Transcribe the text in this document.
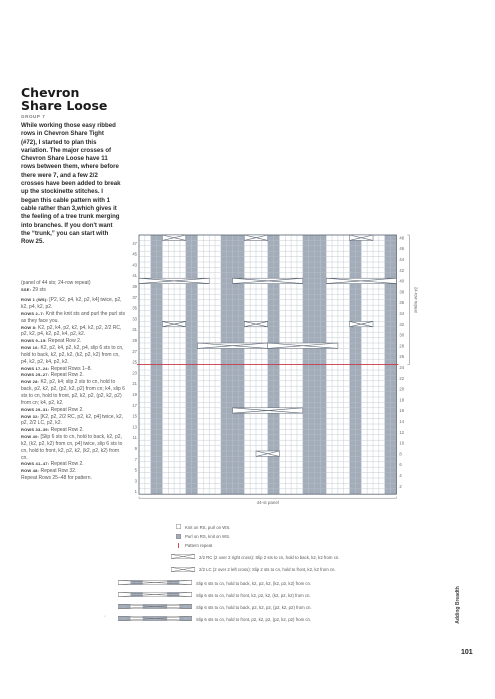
Chevron
Share Loose
GROUP 7

While working those easy ribbed rows in Chevron Share Tight (#72), I started to plan this variation. The major crosses of Chevron Share Loose have 11 rows between them, where before there were 7, and a few 2/2 crosses have been added to break up the stockinette stitches. I began this cable pattern with 1 cable rather than 3,which gives it the feeling of a tree trunk merging into branches. If you don't want the “trunk,” you can start with Row 25.

(panel of 44 sts; 24-row repeat)

SSE: 29 sts

ROW 1 (WS): [P2, k2, p4, k2, p2, k4] twice, p2, k2, p4, k2, p2.

ROWS 2–7: Knit the knit sts and purl the purl sts as they face you.

ROW 8: K2, p2, k4, p2, k2, p4, k2, p2, 2/2 RC, p2, k2, p4, k2, p2, k4, p2, k2.

ROWS 9–15: Repeat Row 2.

ROW 16: K2, p2, k4, p2, k2, p4, slip 6 sts to cn, hold to back, k2, p2, k2, (k2, p2, k2) from cn, p4, k2, p2, k4, p2, k2.

ROWS 17–24: Repeat Rows 1–8.

ROWS 25–27: Repeat Row 2.

ROW 28: K2, p2, k4; slip 2 sts to cn, hold to back, p2, k2, p2, (p2, k2, p2) from cn; k4, slip 6 sts to cn, hold to front, p2, k2, p2, (p2, k2, p2) from cn; k4, p2, k2.

ROWS 29–31: Repeat Row 2.

ROW 32: [K2, p2, 2/2 RC, p2, k2, p4] twice, k2, p2, 2/2 LC, p2, k2.

ROWS 33–39: Repeat Row 2.

ROW 40: [Slip 6 sts to cn, hold to back, k2, p2, k2, (k2, p2, k2) from cn, p4] twice, slip 6 sts to cn, hold to front, k2, p2, k2, (k2, p2, k2) from cn.

ROWS 41–47: Repeat Row 2.

ROW 48: Repeat Row 32.

Repeat Rows 25–48 for pattern.

47
45
43
41
39
37
35
33
31
29
27
25
23
21
19
17
15
13
11
9
7
5
3
1
48
46
44
42
40
38
36
34
32
30
28
26
24
22
20
18
16
14
12
10
8
6
4
2
24-row repeat
44-st panel
Knit on RS, purl on WS.
Purl on RS, knit on WS.
Pattern repeat
2/2 RC (2 over 2 right cross): Slip 2 sts to cn, hold to back, k2, k2 from cn.
2/2 LC (2 over 2 left cross): Slip 2 sts to cn, hold to front, k2, k2 from cn.
Slip 6 sts to cn, hold to back, k2, p2, k2, (k2, p2, k2) from cn.
Slip 6 sts to cn, hold to front, k2, p2, k2, (k2, p2, k2) from cn.
Slip 6 sts to cn, hold to back, p2, k2, p2, (p2, k2, p2) from cn.
Slip 6 sts to cn, hold to front, p2, k2, p2, (p2, k2, p2) from cn.
ˇ	Adding Breadth
101
